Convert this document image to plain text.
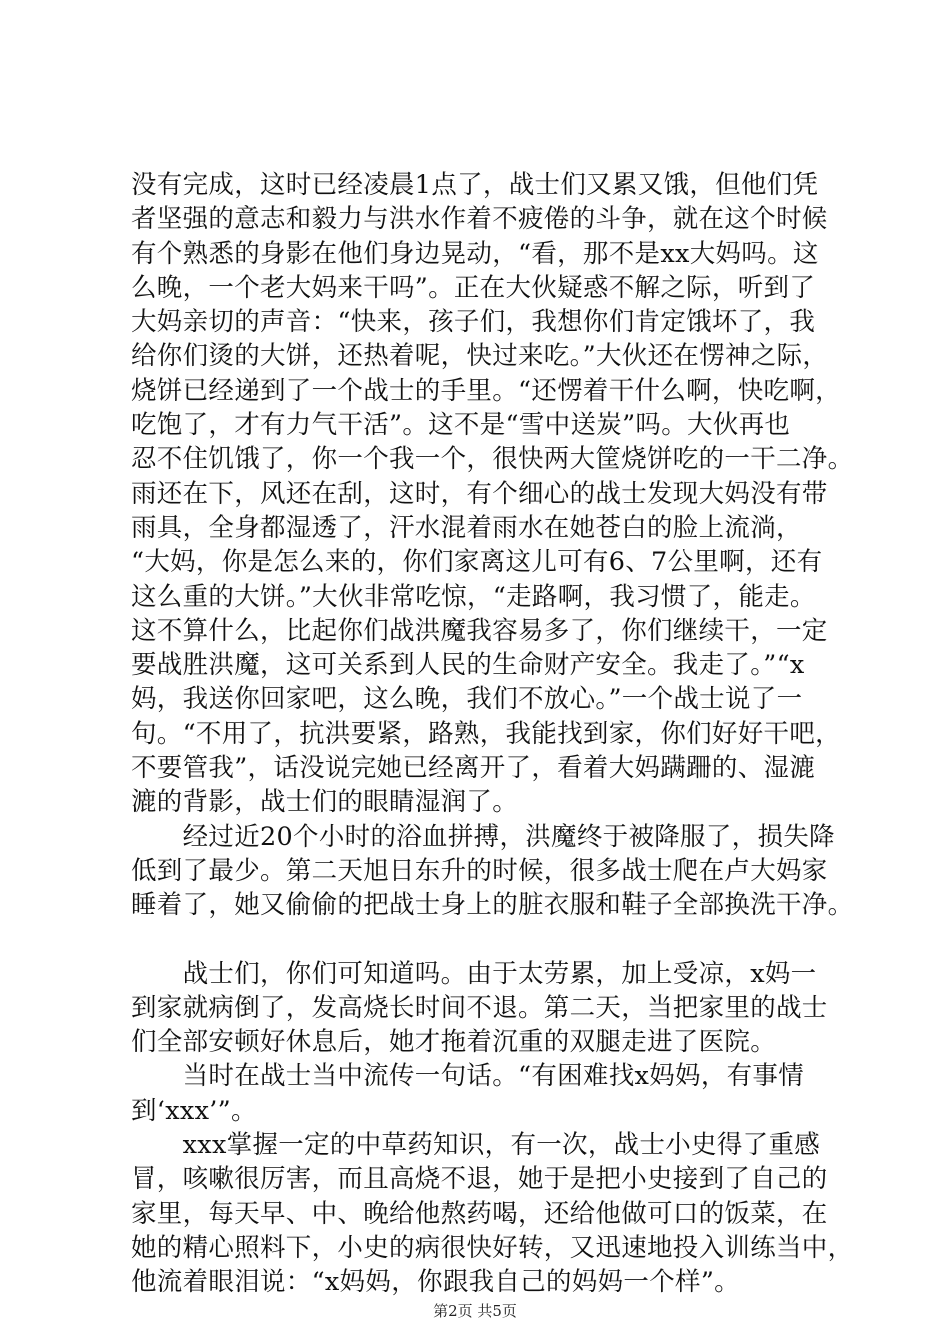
没有完成，这时已经凌晨1点了，战士们又累又饿，但他们凭
者坚强的意志和毅力与洪水作着不疲倦的斗争，就在这个时候
有个熟悉的身影在他们身边晃动，“看，那不是xx大妈吗。这
么晚，一个老大妈来干吗”。正在大伙疑惑不解之际，听到了
大妈亲切的声音：“快来，孩子们，我想你们肯定饿坏了，我
给你们烫的大饼，还热着呢，快过来吃。”大伙还在愣神之际，
烧饼已经递到了一个战士的手里。“还愣着干什么啊，快吃啊，
吃饱了，才有力气干活”。这不是“雪中送炭”吗。大伙再也
忍不住饥饿了，你一个我一个，很快两大筐烧饼吃的一干二净。
雨还在下，风还在刮，这时，有个细心的战士发现大妈没有带
雨具，全身都湿透了，汗水混着雨水在她苍白的脸上流淌，
“大妈，你是怎么来的，你们家离这儿可有6、7公里啊，还有
这么重的大饼。”大伙非常吃惊，“走路啊，我习惯了，能走。
这不算什么，比起你们战洪魔我容易多了，你们继续干，一定
要战胜洪魔，这可关系到人民的生命财产安全。我走了。”“x
妈，我送你回家吧，这么晚，我们不放心。”一个战士说了一
句。“不用了，抗洪要紧，路熟，我能找到家，你们好好干吧，
不要管我”，话没说完她已经离开了，看着大妈蹒跚的、湿漉
漉的背影，战士们的眼睛湿润了。
　　经过近20个小时的浴血拼搏，洪魔终于被降服了，损失降
低到了最少。第二天旭日东升的时候，很多战士爬在卢大妈家
睡着了，她又偷偷的把战士身上的脏衣服和鞋子全部换洗干净。
　　战士们，你们可知道吗。由于太劳累，加上受凉，x妈一
到家就病倒了，发高烧长时间不退。第二天，当把家里的战士
们全部安顿好休息后，她才拖着沉重的双腿走进了医院。
　　当时在战士当中流传一句话。“有困难找x妈妈，有事情
到‘xxx’”。
　　xxx掌握一定的中草药知识，有一次，战士小史得了重感
冒，咳嗽很厉害，而且高烧不退，她于是把小史接到了自己的
家里，每天早、中、晚给他熬药喝，还给他做可口的饭菜，在
她的精心照料下，小史的病很快好转，又迅速地投入训练当中，
他流着眼泪说：“x妈妈，你跟我自己的妈妈一个样”。
第2页 共5页
